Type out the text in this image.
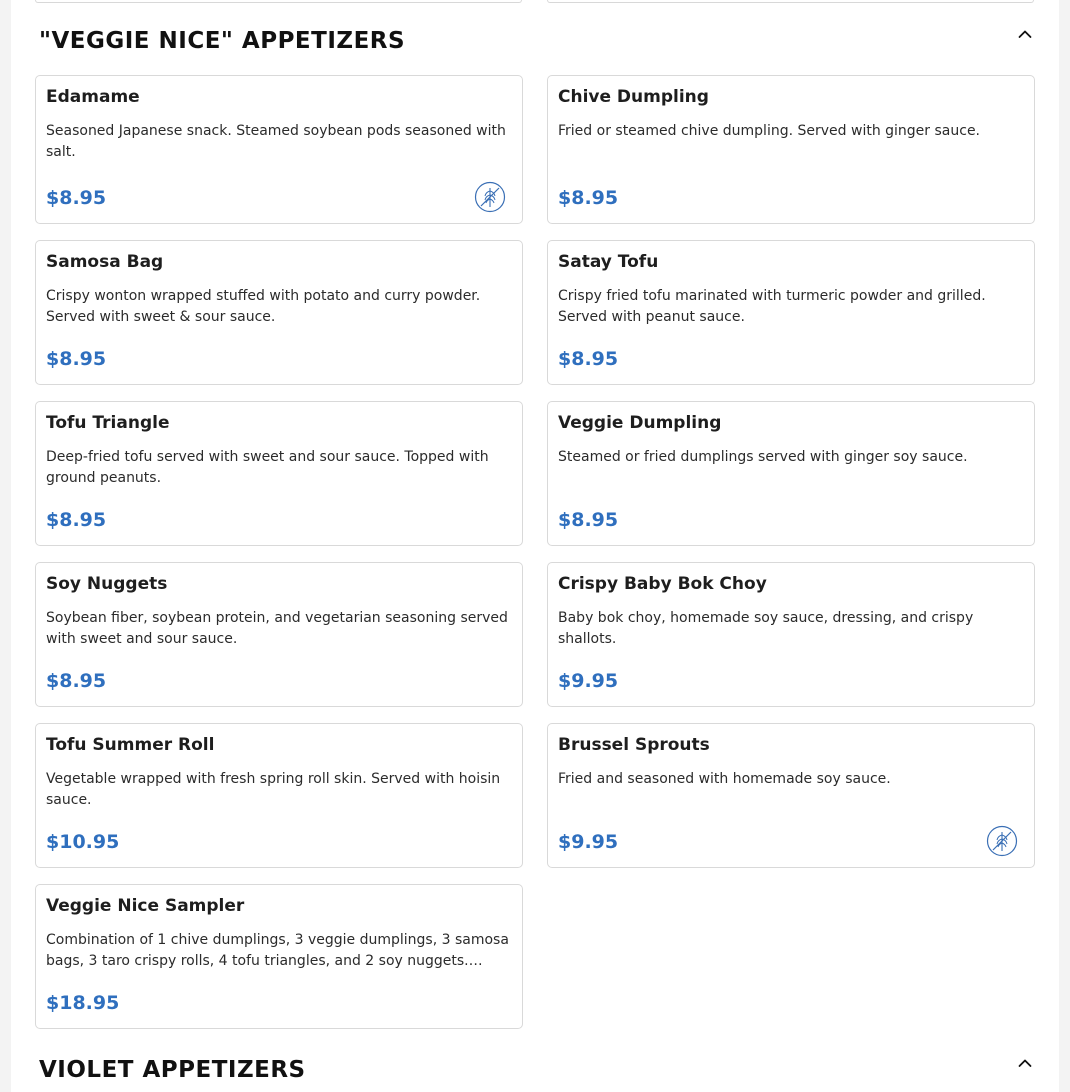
"VEGGIE NICE" APPETIZERS
Edamame
Seasoned Japanese snack. Steamed soybean pods seasoned with salt.
$8.95
Chive Dumpling
Fried or steamed chive dumpling. Served with ginger sauce.
$8.95
Samosa Bag
Crispy wonton wrapped stuffed with potato and curry powder. Served with sweet & sour sauce.
$8.95
Satay Tofu
Crispy fried tofu marinated with turmeric powder and grilled. Served with peanut sauce.
$8.95
Tofu Triangle
Deep-fried tofu served with sweet and sour sauce. Topped with ground peanuts.
$8.95
Veggie Dumpling
Steamed or fried dumplings served with ginger soy sauce.
$8.95
Soy Nuggets
Soybean fiber, soybean protein, and vegetarian seasoning served with sweet and sour sauce.
$8.95
Crispy Baby Bok Choy
Baby bok choy, homemade soy sauce, dressing, and crispy shallots.
$9.95
Tofu Summer Roll
Vegetable wrapped with fresh spring roll skin. Served with hoisin sauce.
$10.95
Brussel Sprouts
Fried and seasoned with homemade soy sauce.
$9.95
Veggie Nice Sampler
Combination of 1 chive dumplings, 3 veggie dumplings, 3 samosa bags, 3 taro crispy rolls, 4 tofu triangles, and 2 soy nuggets.…
$18.95
VIOLET APPETIZERS
